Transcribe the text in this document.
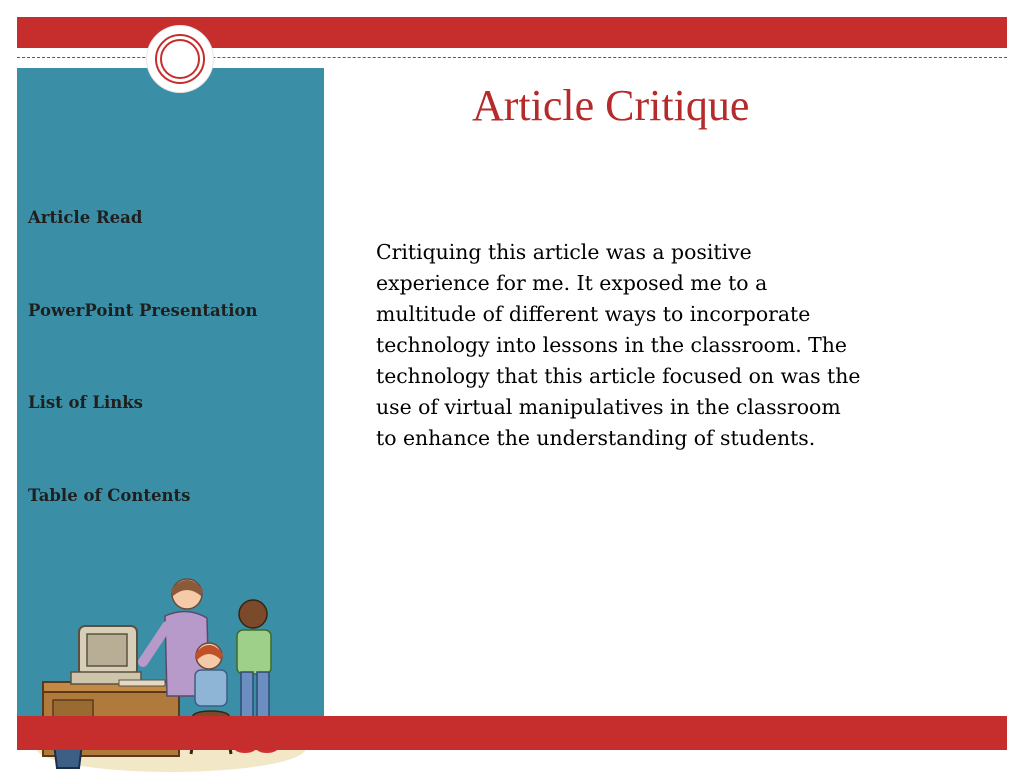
Article Read
PowerPoint Presentation
List of Links
Table of Contents
Article Critique
Critiquing this article was a positive
experience for me. It exposed me to a
multitude of different ways to incorporate
technology into lessons in the classroom. The
technology that this article focused on was the
use of virtual manipulatives in the classroom
to enhance the understanding of students.
